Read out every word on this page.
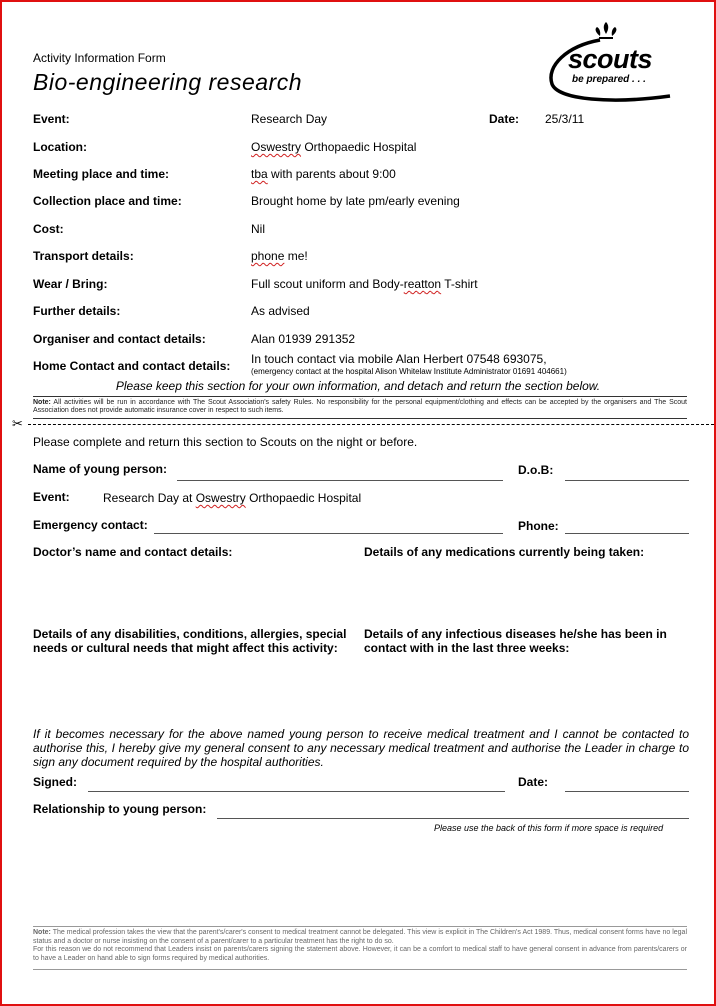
Activity Information Form
Bio-engineering research
scouts
be prepared . . .
Event:	Research Day	Date: 25/3/11
Location:	Oswestry Orthopaedic Hospital
Meeting place and time:	tba with parents about 9:00
Collection place and time:	Brought home by late pm/early evening
Cost:	Nil
Transport details:	phone me!
Wear / Bring:	Full scout uniform and Body-reatton T-shirt
Further details:	As advised
Organiser and contact details:	Alan 01939 291352
Home Contact and contact details: In touch contact via mobile Alan Herbert 07548 693075,
(emergency contact at the hospital Alison Whitelaw Institute Administrator 01691 404661)
Please keep this section for your own information, and detach and return the section below.
Note: All activities will be run in accordance with The Scout Association's safety Rules. No responsibility for the personal equipment/clothing and effects can be accepted by the organisers and The Scout Association does not provide automatic insurance cover in respect to such items.
✂
Please complete and return this section to Scouts on the night or before.
Name of young person:	D.o.B:
Event:	Research Day at Oswestry Orthopaedic Hospital
Emergency contact:	Phone:
Doctor’s name and contact details:	Details of any medications currently being taken:
Details of any disabilities, conditions, allergies, special needs or cultural needs that might affect this activity:
Details of any infectious diseases he/she has been in contact with in the last three weeks:
If it becomes necessary for the above named young person to receive medical treatment and I cannot be contacted to authorise this, I hereby give my general consent to any necessary medical treatment and authorise the Leader in charge to sign any document required by the hospital authorities.
Signed:	Date:
Relationship to young person:
Please use the back of this form if more space is required
Note: The medical profession takes the view that the parent's/carer's consent to medical treatment cannot be delegated. This view is explicit in The Children's Act 1989. Thus, medical consent forms have no legal status and a doctor or nurse insisting on the consent of a parent/carer to a particular treatment has the right to do so.
For this reason we do not recommend that Leaders insist on parents/carers signing the statement above. However, it can be a comfort to medical staff to have general consent in advance from parents/carers or to have a Leader on hand able to sign forms required by medical authorities.
